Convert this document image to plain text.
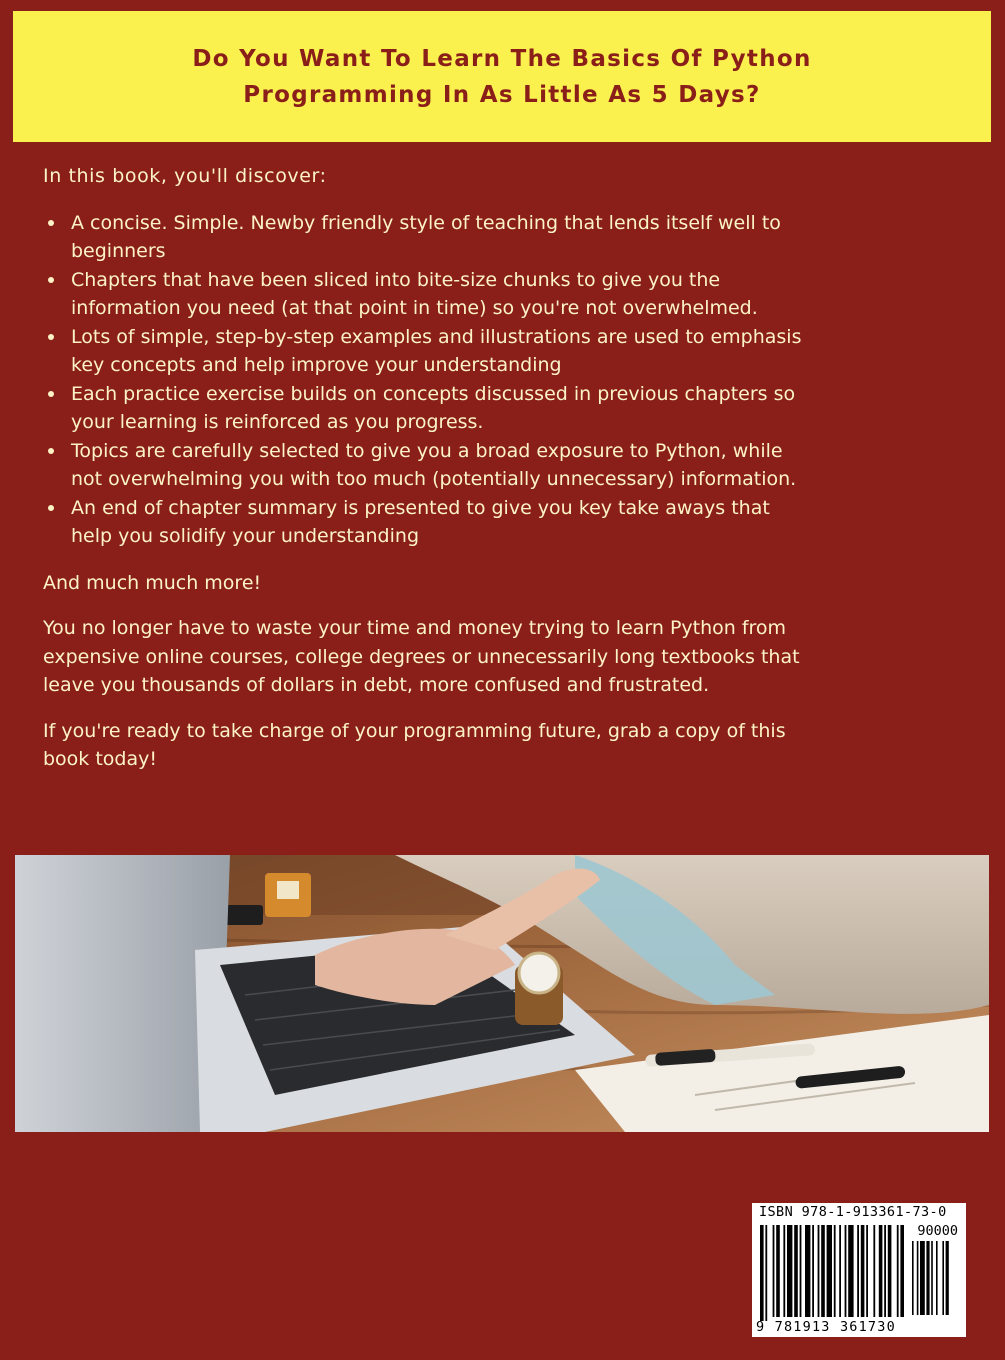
Do You Want To Learn The Basics Of Python
Programming In As Little As 5 Days?

In this book, you'll discover:

A concise. Simple. Newby friendly style of teaching that lends itself well to
beginners
Chapters that have been sliced into bite-size chunks to give you the
information you need (at that point in time) so you're not overwhelmed.
Lots of simple, step-by-step examples and illustrations are used to emphasis
key concepts and help improve your understanding
Each practice exercise builds on concepts discussed in previous chapters so
your learning is reinforced as you progress.
Topics are carefully selected to give you a broad exposure to Python, while
not overwhelming you with too much (potentially unnecessary) information.
An end of chapter summary is presented to give you key take aways that
help you solidify your understanding

And much much more!

You no longer have to waste your time and money trying to learn Python from
expensive online courses, college degrees or unnecessarily long textbooks that
leave you thousands of dollars in debt, more confused and frustrated.

If you're ready to take charge of your programming future, grab a copy of this
book today!

ISBN 978-1-913361-73-0
90000
9 781913 361730
